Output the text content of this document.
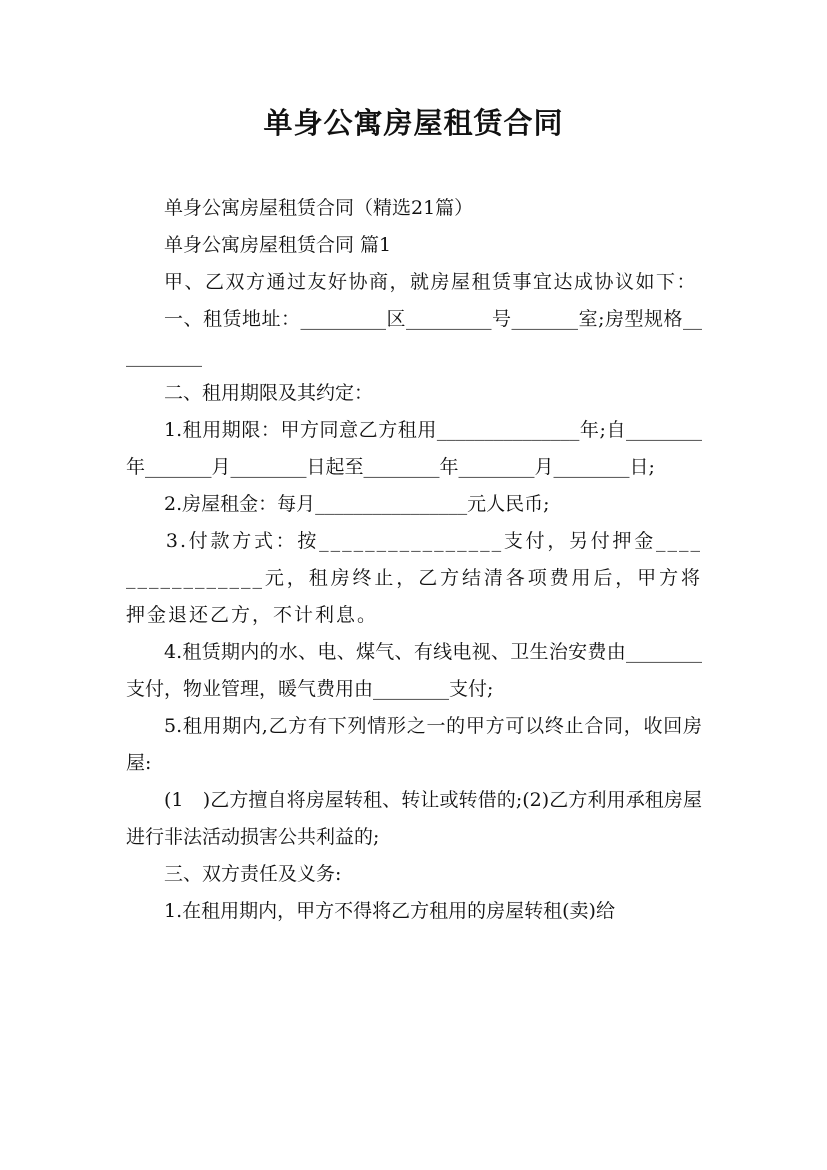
单身公寓房屋租赁合同

单身公寓房屋租赁合同（精选21篇）

单身公寓房屋租赁合同 篇1

甲、乙双方通过友好协商，就房屋租赁事宜达成协议如下：

一、租赁地址：_________区_________号_______室;房型规格__________

二、租用期限及其约定：

1.租用期限：甲方同意乙方租用_______________年;自________年_______月________日起至________年________月________日;

2.房屋租金：每月________________元人民币;

3.付款方式：按________________支付，另付押金________________元，租房终止，乙方结清各项费用后，甲方将押金退还乙方，不计利息。

4.租赁期内的水、电、煤气、有线电视、卫生治安费由________支付，物业管理，暖气费用由________支付;

5.租用期内,乙方有下列情形之一的甲方可以终止合同，收回房屋:

(1　)乙方擅自将房屋转租、转让或转借的;(2)乙方利用承租房屋进行非法活动损害公共利益的;

三、双方责任及义务:

1.在租用期内，甲方不得将乙方租用的房屋转租(卖)给
